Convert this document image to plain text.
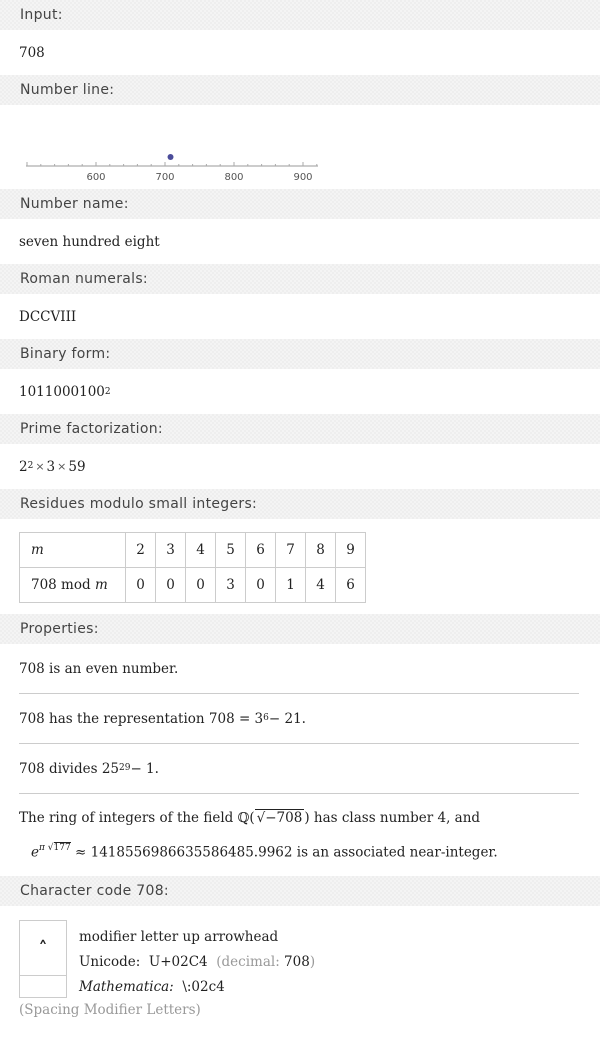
Input:
708
Number line:
600	700	800	900
Number name:
seven hundred eight
Roman numerals:
DCCVIII
Binary form:
1011000100 2
Prime factorization:
$2^2 \times 3 \times 59$
Residues modulo small integers:
m	2	3	4	5	6	7	8	9
708 mod m	0	0	0	3	0	1	4	6
Properties:
708 is an even number.
708 has the representation $708 = 3^6 - 21$.
708 divides $25^{29} - 1$.
The ring of integers of the field ℚ( √−708 ) has class number 4, and
$e^{\pi √177} \approx 1418556986635586485.9962$ is an associated near-integer.
Character code 708:
˄
modifier letter up arrowhead
Unicode: U+02C4 (decimal: 708)
Mathematica: \:02c4
(Spacing Modifier Letters)
